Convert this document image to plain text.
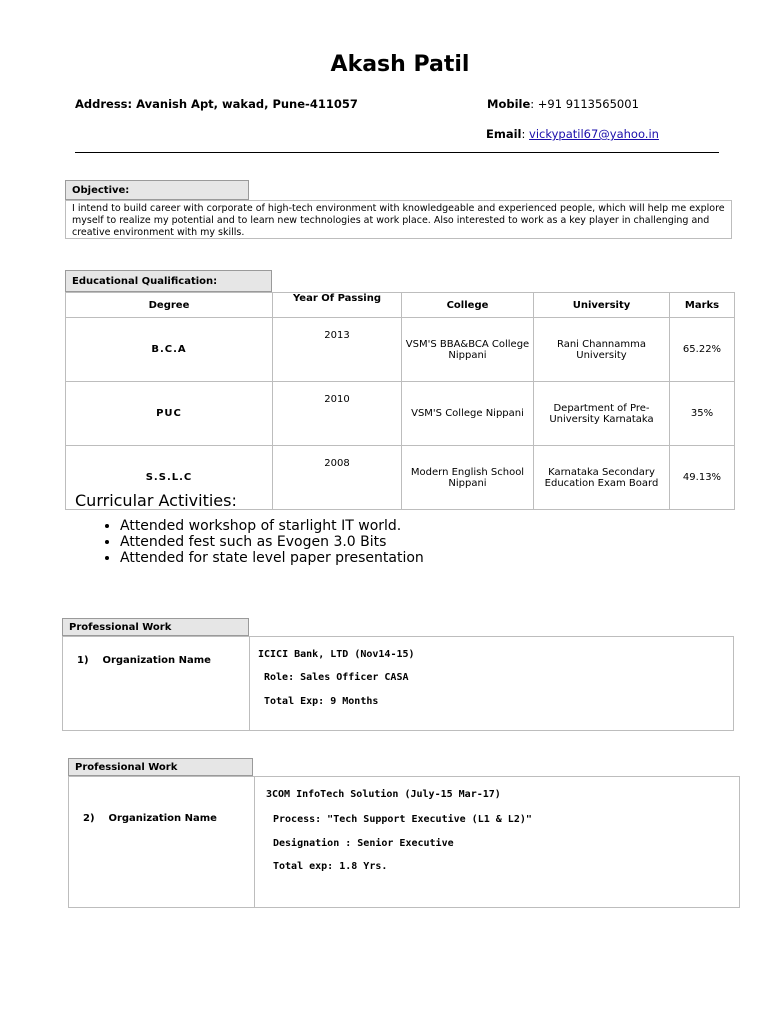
Akash Patil
Address: Avanish Apt, wakad, Pune-411057	Mobile: +91 9113565001
Email: vickypatil67@yahoo.in
Objective:
I intend to build career with corporate of high-tech environment with knowledgeable and experienced people, which will help me explore myself to realize my potential and to learn new technologies at work place. Also interested to work as a key player in challenging and creative environment with my skills.
Educational Qualification:
Degree	Year Of Passing	College	University	Marks
B.C.A	2013	VSM'S BBA&BCA College Nippani	Rani Channamma University	65.22%
PUC	2010	VSM'S College Nippani	Department of Pre-University Karnataka	35%
S.S.L.C	2008	Modern English School Nippani	Karnataka Secondary Education Exam Board	49.13%
Curricular Activities:
• Attended workshop of starlight IT world.
• Attended fest such as Evogen 3.0 Bits
• Attended for state level paper presentation
Professional Work
1)    Organization Name
ICICI Bank, LTD (Nov14-15)
Role: Sales Officer CASA
Total Exp: 9 Months
Professional Work
2)    Organization Name
3COM InfoTech Solution (July-15 Mar-17)
Process: "Tech Support Executive (L1 & L2)"
Designation : Senior Executive
Total exp: 1.8 Yrs.
